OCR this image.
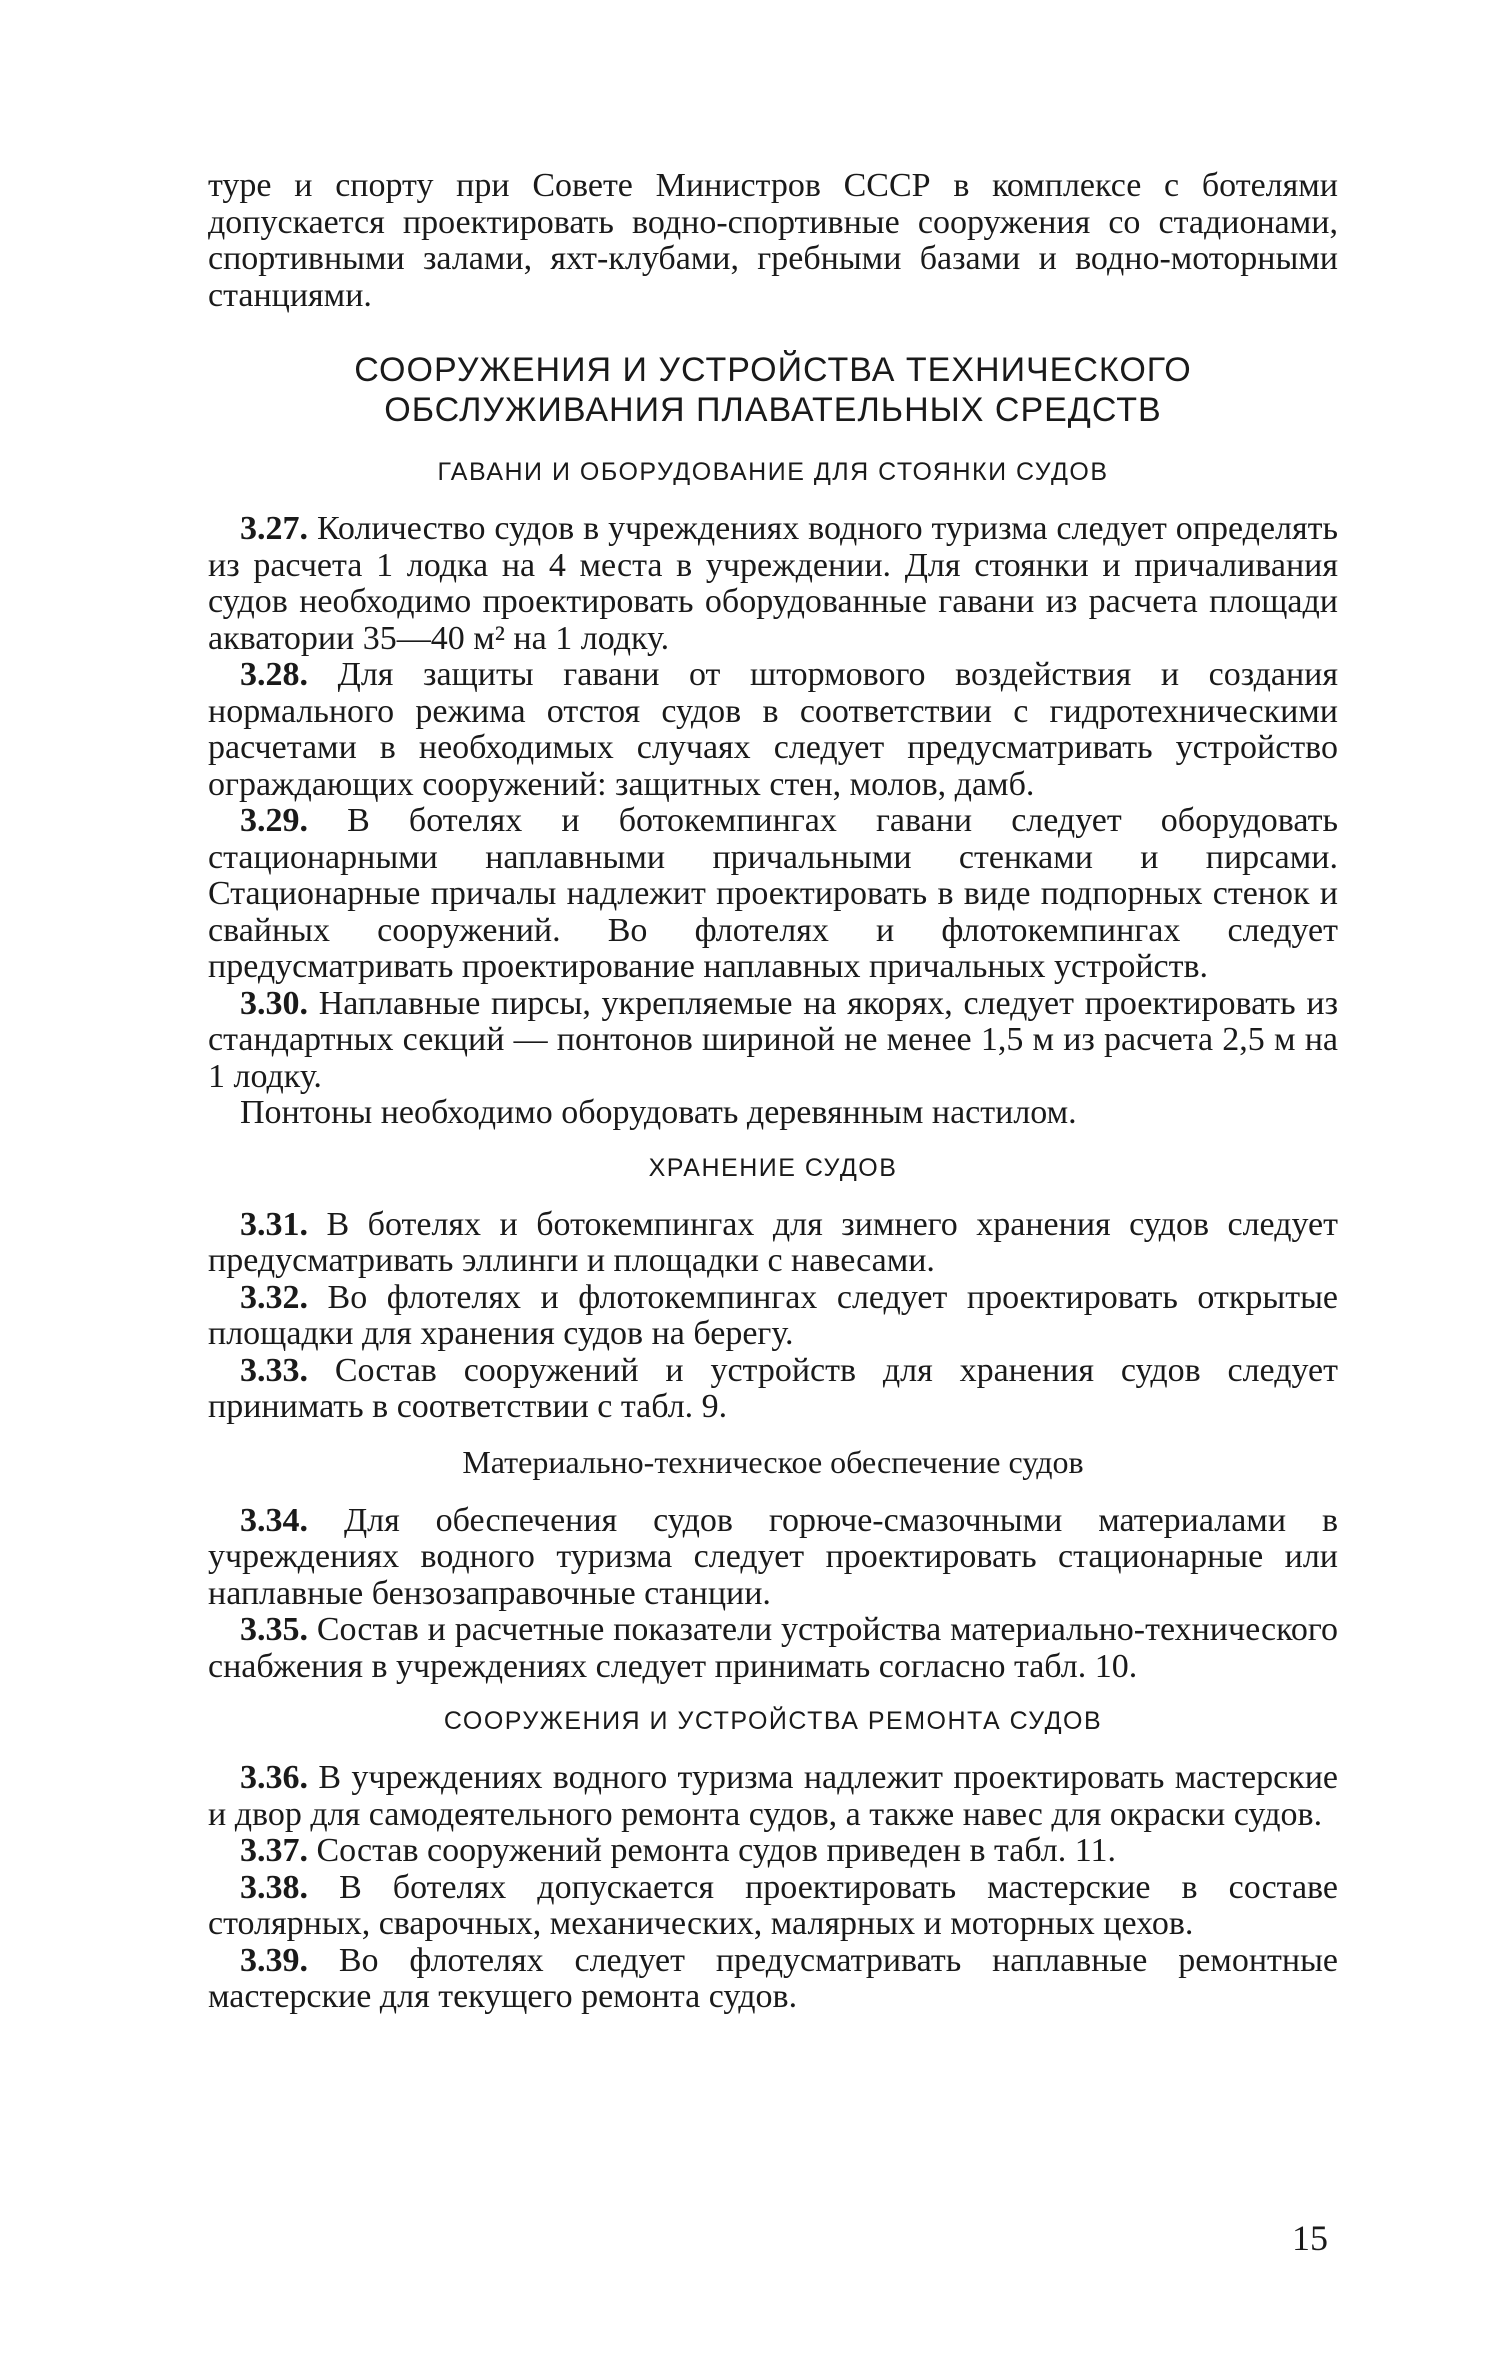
туре и спорту при Совете Министров СССР в комплексе с ботелями допускается проектировать водно-спортивные сооружения со стадионами, спортивными залами, яхт-клубами, гребными базами и водно-моторными станциями.

СООРУЖЕНИЯ И УСТРОЙСТВА ТЕХНИЧЕСКОГО
ОБСЛУЖИВАНИЯ ПЛАВАТЕЛЬНЫХ СРЕДСТВ
ГАВАНИ И ОБОРУДОВАНИЕ ДЛЯ СТОЯНКИ СУДОВ

3.27. Количество судов в учреждениях водного туризма следует определять из расчета 1 лодка на 4 места в учреждении. Для стоянки и причаливания судов необходимо проектировать оборудованные гавани из расчета площади акватории 35—40 м² на 1 лодку.

3.28. Для защиты гавани от штормового воздействия и создания нормального режима отстоя судов в соответствии с гидротехническими расчетами в необходимых случаях следует предусматривать устройство ограждающих сооружений: защитных стен, молов, дамб.

3.29. В ботелях и ботокемпингах гавани следует оборудовать стационарными наплавными причальными стенками и пирсами. Стационарные причалы надлежит проектировать в виде подпорных стенок и свайных сооружений. Во флотелях и флотокемпингах следует предусматривать проектирование наплавных причальных устройств.

3.30. Наплавные пирсы, укрепляемые на якорях, следует проектировать из стандартных секций — понтонов шириной не менее 1,5 м из расчета 2,5 м на 1 лодку.

Понтоны необходимо оборудовать деревянным настилом.

ХРАНЕНИЕ СУДОВ

3.31. В ботелях и ботокемпингах для зимнего хранения судов следует предусматривать эллинги и площадки с навесами.

3.32. Во флотелях и флотокемпингах следует проектировать открытые площадки для хранения судов на берегу.

3.33. Состав сооружений и устройств для хранения судов следует принимать в соответствии с табл. 9.

Материально-техническое обеспечение судов

3.34. Для обеспечения судов горюче-смазочными материалами в учреждениях водного туризма следует проектировать стационарные или наплавные бензозаправочные станции.

3.35. Состав и расчетные показатели устройства материально-технического снабжения в учреждениях следует принимать согласно табл. 10.

СООРУЖЕНИЯ И УСТРОЙСТВА РЕМОНТА СУДОВ

3.36. В учреждениях водного туризма надлежит проектировать мастерские и двор для самодеятельного ремонта судов, а также навес для окраски судов.

3.37. Состав сооружений ремонта судов приведен в табл. 11.

3.38. В ботелях допускается проектировать мастерские в составе столярных, сварочных, механических, малярных и моторных цехов.

3.39. Во флотелях следует предусматривать наплавные ремонтные мастерские для текущего ремонта судов.

15
